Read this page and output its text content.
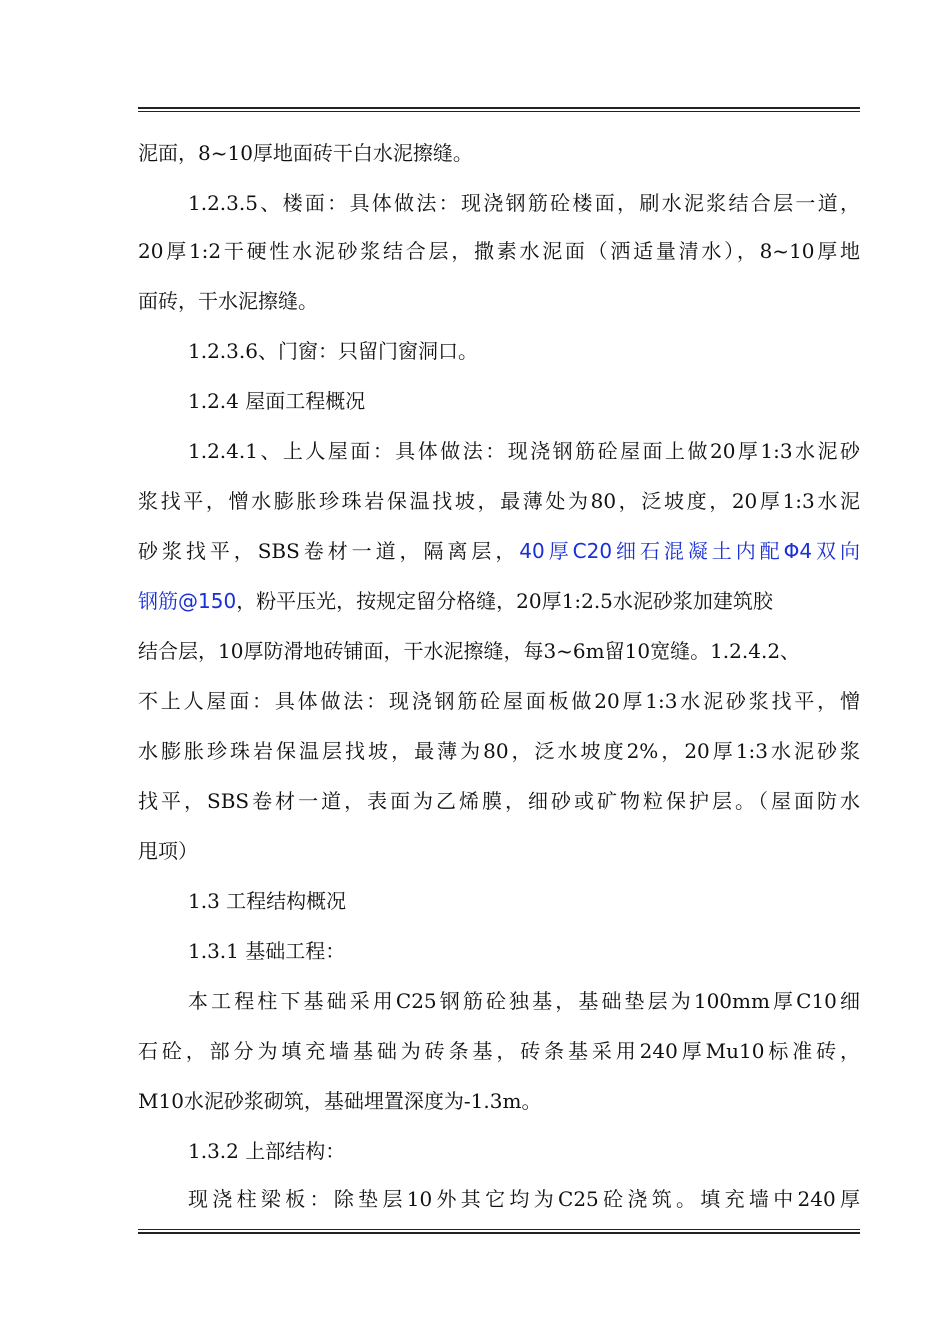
泥面，8~10厚地面砖干白水泥擦缝。
1.2.3.5、楼面：具体做法：现浇钢筋砼楼面，刷水泥浆结合层一道，
20厚1:2干硬性水泥砂浆结合层，撒素水泥面（洒适量清水），8~10厚地
面砖，干水泥擦缝。
1.2.3.6、门窗：只留门窗洞口。
1.2.4 屋面工程概况
1.2.4.1、上人屋面：具体做法：现浇钢筋砼屋面上做20厚1:3水泥砂
浆找平，憎水膨胀珍珠岩保温找坡，最薄处为80，泛坡度，20厚1:3水泥
砂浆找平，SBS卷材一道，隔离层，40厚C20细石混凝土内配Φ4双向
钢筋@150，粉平压光，按规定留分格缝，20厚1:2.5水泥砂浆加建筑胶
结合层，10厚防滑地砖铺面，干水泥擦缝，每3~6m留10宽缝。1.2.4.2、
不上人屋面：具体做法：现浇钢筋砼屋面板做20厚1:3水泥砂浆找平，憎
水膨胀珍珠岩保温层找坡，最薄为80，泛水坡度2%，20厚1:3水泥砂浆
找平，SBS卷材一道，表面为乙烯膜，细砂或矿物粒保护层。（屋面防水
甩项）
1.3 工程结构概况
1.3.1 基础工程：
本工程柱下基础采用C25钢筋砼独基，基础垫层为100mm厚C10细
石砼，部分为填充墙基础为砖条基，砖条基采用240厚Mu10标准砖，
M10水泥砂浆砌筑，基础埋置深度为-1.3m。
1.3.2 上部结构：
现浇柱梁板：除垫层10外其它均为C25砼浇筑。填充墙中240厚
